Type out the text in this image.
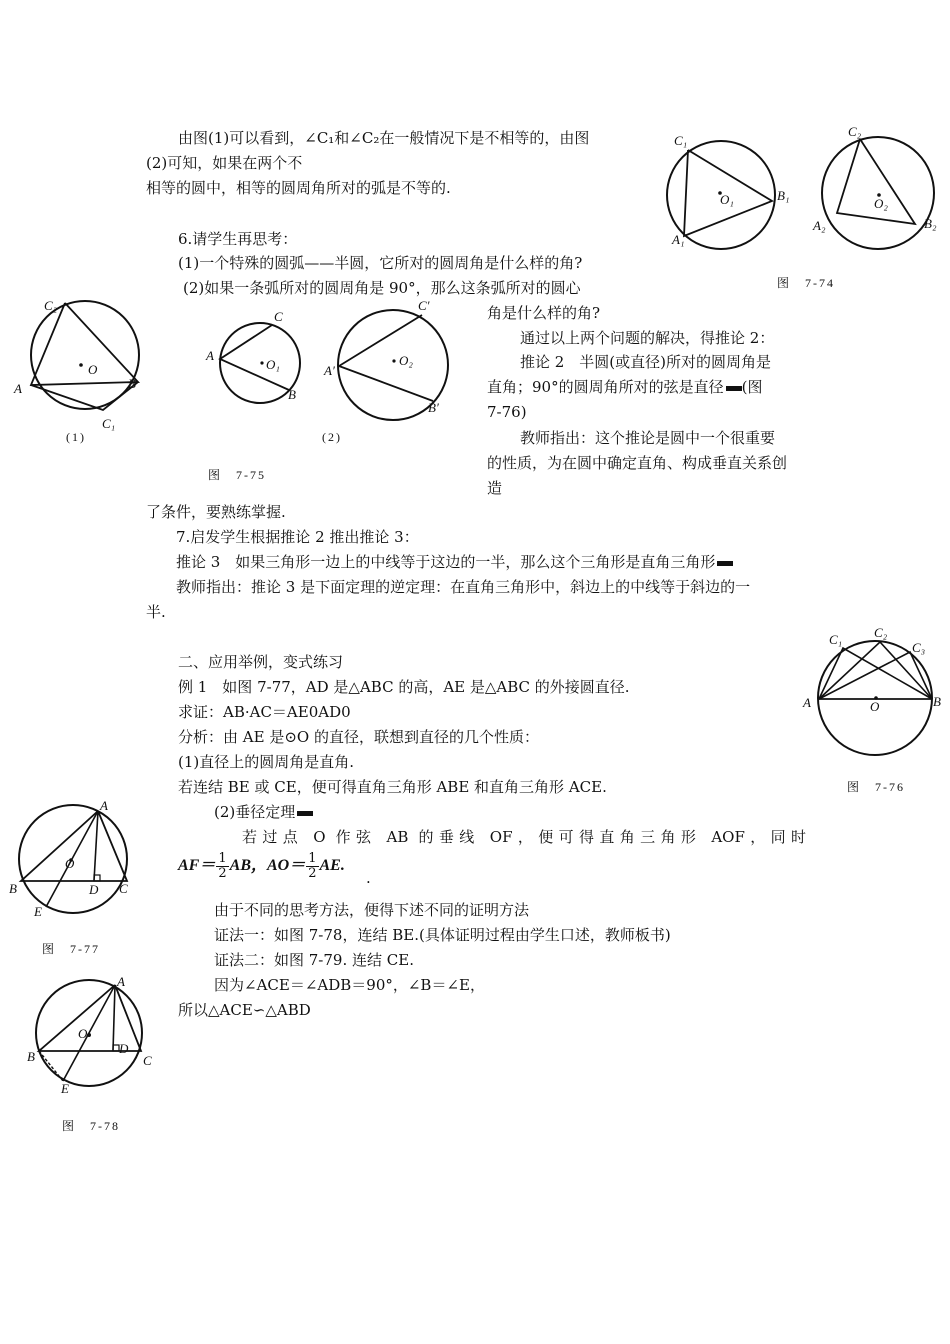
由图(1)可以看到，∠C₁和∠C₂在一般情况下是不相等的，由图
(2)可知，如果在两个不
相等的圆中，相等的圆周角所对的弧是不等的.
6.请学生再思考：
(1)一个特殊的圆弧——半圆，它所对的圆周角是什么样的角?
(2)如果一条弧所对的圆周角是 90°，那么这条弧所对的圆心
角是什么样的角?
通过以上两个问题的解决，得推论 2：
推论 2　半圆(或直径)所对的圆周角是
直角；90°的圆周角所对的弦是直径 (图
7-76)
教师指出：这个推论是圆中一个很重要
的性质，为在圆中确定直角、构成垂直关系创
造
了条件，要熟练掌握.
7.启发学生根据推论 2 推出推论 3：
推论 3　如果三角形一边上的中线等于这边的一半，那么这个三角形是直角三角形
教师指出：推论 3 是下面定理的逆定理：在直角三角形中，斜边上的中线等于斜边的一
半.
二、应用举例，变式练习
例 1　如图 7-77，AD 是△ABC 的高，AE 是△ABC 的外接圆直径.
求证：AB·AC＝AE0AD0
分析：由 AE 是⊙O 的直径，联想到直径的几个性质：
(1)直径上的圆周角是直角.
若连结 BE 或 CE，便可得直角三角形 ABE 和直角三角形 ACE.
(2)垂径定理
若过点 O 作弦 AB 的垂线 OF，便可得直角三角形 AOF，同时
$AF= \frac{1}{2}$ AB，$AO= \frac{1}{2}$ AE.
.
由于不同的思考方法，便得下述不同的证明方法
证法一：如图 7-78，连结 BE.(具体证明过程由学生口述，教师板书)
证法二：如图 7-79. 连结 CE.
因为∠ACE＝∠ADB＝90°，∠B＝∠E，
所以△ACE∽△ABD
C₁
A₁
B₁
O₁
C₂
A₂	B₂
O₂
图　7-74
C₂
A	B
O
C₁
(1)
C
A
B
O₁
C′
A′
B′
O₂
(2)
图　7-75
C₁ C₂
C₃
A	B
O
图　7-76
A
O
B	D C
E
图　7-77
A
O
B
D
C
E
图　7-78
